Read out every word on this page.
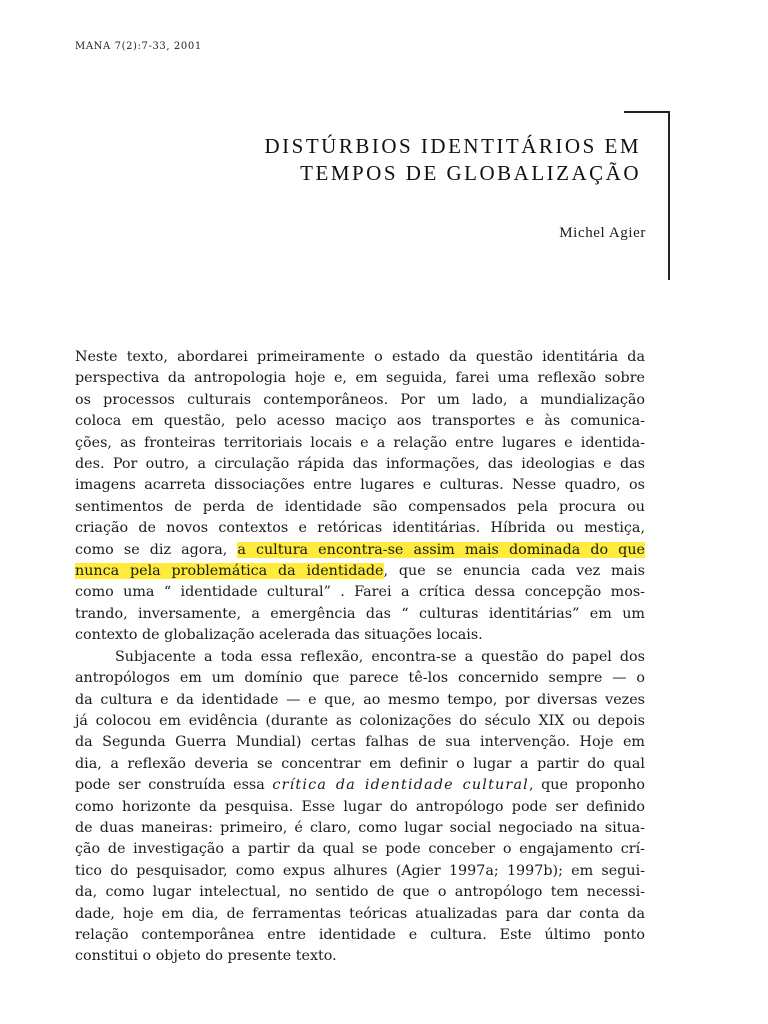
MANA 7(2):7-33, 2001
DISTÚRBIOS IDENTITÁRIOS EM
TEMPOS DE GLOBALIZAÇÃO
Michel Agier
Neste texto, abordarei primeiramente o estado da questão identitária da
perspectiva da antropologia hoje e, em seguida, farei uma reflexão sobre
os processos culturais contemporâneos. Por um lado, a mundialização
coloca em questão, pelo acesso maciço aos transportes e às comunica-
ções, as fronteiras territoriais locais e a relação entre lugares e identida-
des. Por outro, a circulação rápida das informações, das ideologias e das
imagens acarreta dissociações entre lugares e culturas. Nesse quadro, os
sentimentos de perda de identidade são compensados pela procura ou
criação de novos contextos e retóricas identitárias. Híbrida ou mestiça,
como se diz agora, a cultura encontra-se assim mais dominada do que
nunca pela problemática da identidade, que se enuncia cada vez mais
como uma “ identidade cultural” . Farei a crítica dessa concepção mos-
trando, inversamente, a emergência das “ culturas identitárias” em um
contexto de globalização acelerada das situações locais.
Subjacente a toda essa reflexão, encontra-se a questão do papel dos
antropólogos em um domínio que parece tê-los concernido sempre — o
da cultura e da identidade — e que, ao mesmo tempo, por diversas vezes
já colocou em evidência (durante as colonizações do século XIX ou depois
da Segunda Guerra Mundial) certas falhas de sua intervenção. Hoje em
dia, a reflexão deveria se concentrar em definir o lugar a partir do qual
pode ser construída essa crítica da identidade cultural, que proponho
como horizonte da pesquisa. Esse lugar do antropólogo pode ser definido
de duas maneiras: primeiro, é claro, como lugar social negociado na situa-
ção de investigação a partir da qual se pode conceber o engajamento crí-
tico do pesquisador, como expus alhures (Agier 1997a; 1997b); em segui-
da, como lugar intelectual, no sentido de que o antropólogo tem necessi-
dade, hoje em dia, de ferramentas teóricas atualizadas para dar conta da
relação contemporânea entre identidade e cultura. Este último ponto
constitui o objeto do presente texto.
